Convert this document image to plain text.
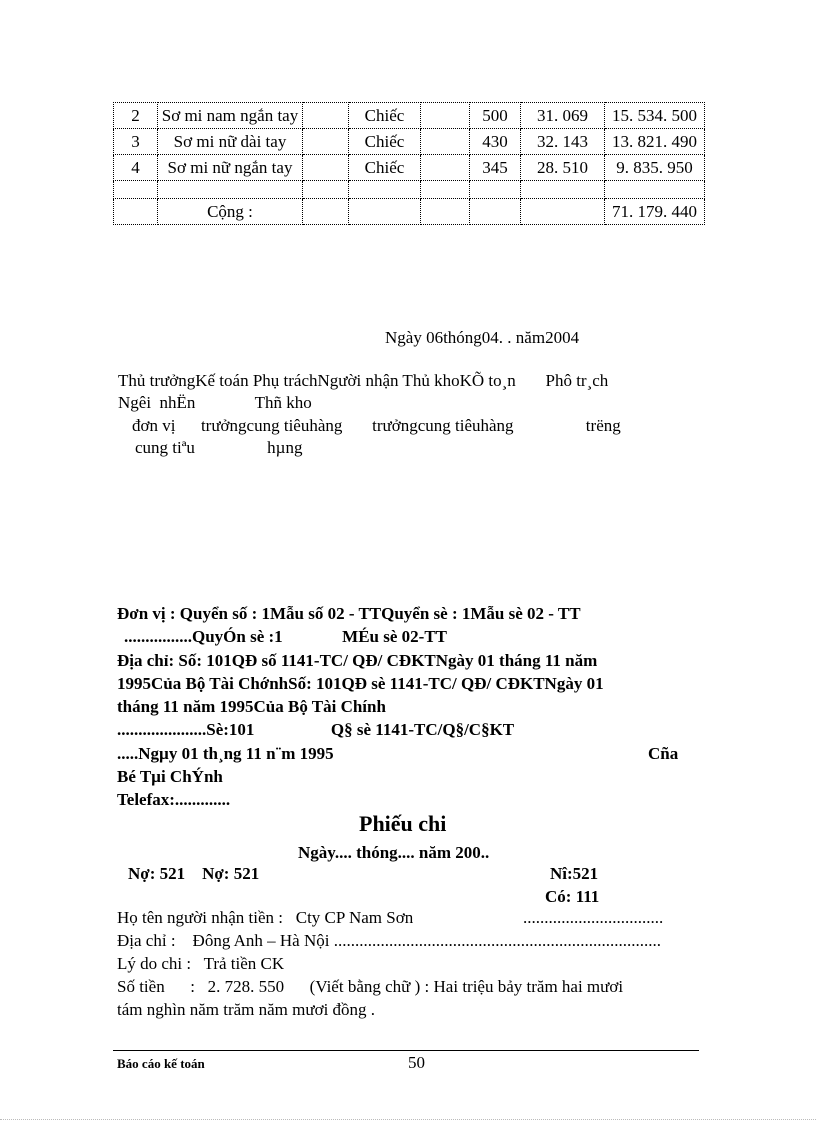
2	Sơ mi nam ngắn tay		Chiếc		500	31. 069	15. 534. 500
3	Sơ mi nữ dài tay		Chiếc		430	32. 143	13. 821. 490
4	Sơ mi nữ ngắn tay		Chiếc		345	28. 510	9. 835. 950

	Cộng :						71. 179. 440
Ngày 06thóng04. . năm2004
Thủ trưởngKế toán Phụ tráchNgười nhận Thủ khoKÕ to¸n       Phô tr¸ch
Ngêi  nhËn              Thñ kho
đơn vị      trưởngcung tiêuhàng       trưởngcung tiêuhàng                 trëng
cung tiªu                 hµng
Đơn vị : Quyển số : 1Mẫu số 02 - TTQuyển sè : 1Mẫu sè 02 - TT
................QuyÓn sè :1              MÉu sè 02-TT
Địa chỉ: Số: 101QĐ số 1141-TC/ QĐ/ CĐKTNgày 01 tháng 11 năm
1995Của Bộ Tài ChớnhSố: 101QĐ sè 1141-TC/ QĐ/ CĐKTNgày 01
tháng 11 năm 1995Của Bộ Tài Chính
.....................Sè:101                  Q§ sè 1141-TC/Q§/C§KT
.....Ngµy 01 th¸ng 11 n¨m 1995	Cña
Bé Tµi ChÝnh
Telefax:.............
Phiếu chi
Ngày.... thóng.... năm 200..
Nợ: 521    Nợ: 521	Nî:521
Có: 111
Họ tên người nhận tiền :   Cty CP Nam Sơn	.................................
Địa chỉ :    Đông Anh – Hà Nội .............................................................................
Lý do chi :   Trả tiền CK
Số tiền      :   2. 728. 550      (Viết bằng chữ ) : Hai triệu bảy trăm hai mươi
tám nghìn năm trăm năm mươi đồng .
Báo cáo kế toán	50
